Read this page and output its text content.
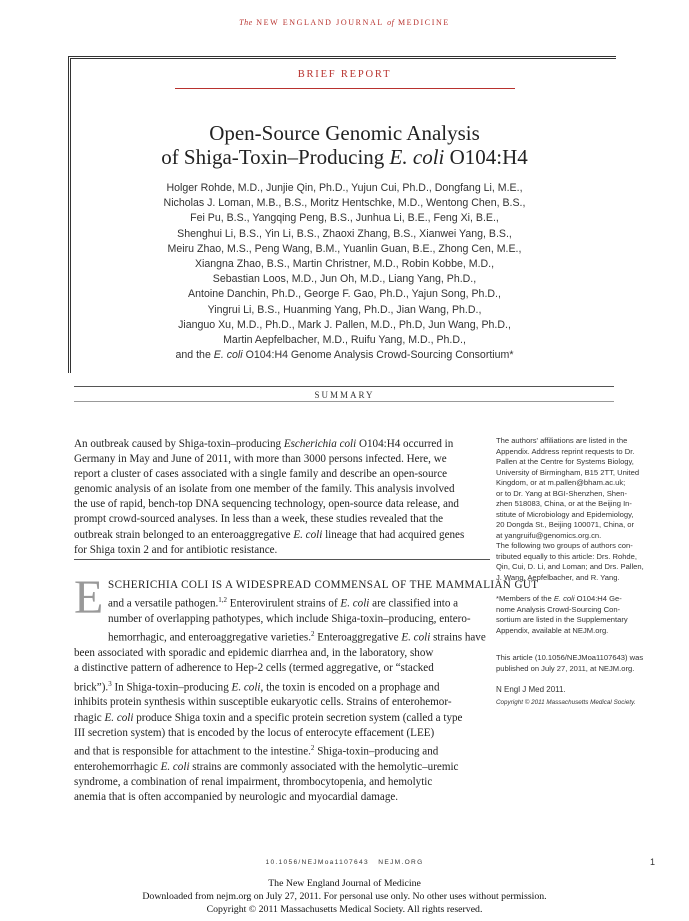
The NEW ENGLAND JOURNAL of MEDICINE
BRIEF REPORT
Open-Source Genomic Analysis
of Shiga-Toxin–Producing E. coli O104:H4
Holger Rohde, M.D., Junjie Qin, Ph.D., Yujun Cui, Ph.D., Dongfang Li, M.E.,
Nicholas J. Loman, M.B., B.S., Moritz Hentschke, M.D., Wentong Chen, B.S.,
Fei Pu, B.S., Yangqing Peng, B.S., Junhua Li, B.E., Feng Xi, B.E.,
Shenghui Li, B.S., Yin Li, B.S., Zhaoxi Zhang, B.S., Xianwei Yang, B.S.,
Meiru Zhao, M.S., Peng Wang, B.M., Yuanlin Guan, B.E., Zhong Cen, M.E.,
Xiangna Zhao, B.S., Martin Christner, M.D., Robin Kobbe, M.D.,
Sebastian Loos, M.D., Jun Oh, M.D., Liang Yang, Ph.D.,
Antoine Danchin, Ph.D., George F. Gao, Ph.D., Yajun Song, Ph.D.,
Yingrui Li, B.S., Huanming Yang, Ph.D., Jian Wang, Ph.D.,
Jianguo Xu, M.D., Ph.D., Mark J. Pallen, M.D., Ph.D, Jun Wang, Ph.D.,
Martin Aepfelbacher, M.D., Ruifu Yang, M.D., Ph.D.,
and the E. coli O104:H4 Genome Analysis Crowd-Sourcing Consortium*
SUMMARY
An outbreak caused by Shiga-toxin–producing Escherichia coli O104:H4 occurred in
Germany in May and June of 2011, with more than 3000 persons infected. Here, we
report a cluster of cases associated with a single family and describe an open-source
genomic analysis of an isolate from one member of the family. This analysis involved
the use of rapid, bench-top DNA sequencing technology, open-source data release, and
prompt crowd-sourced analyses. In less than a week, these studies revealed that the
outbreak strain belonged to an enteroaggregative E. coli lineage that had acquired genes
for Shiga toxin 2 and for antibiotic resistance.
The authors' affiliations are listed in the
Appendix. Address reprint requests to Dr.
Pallen at the Centre for Systems Biology,
University of Birmingham, B15 2TT, United
Kingdom, or at m.pallen@bham.ac.uk;
or to Dr. Yang at BGI-Shenzhen, Shen-
zhen 518083, China, or at the Beijing In-
stitute of Microbiology and Epidemiology,
20 Dongda St., Beijing 100071, China, or
at yangruifu@genomics.org.cn.
The following two groups of authors con-
tributed equally to this article: Drs. Rohde,
Qin, Cui, D. Li, and Loman; and Drs. Pallen,
J. Wang, Aepfelbacher, and R. Yang.
*Members of the E. coli O104:H4 Ge-
nome Analysis Crowd-Sourcing Con-
sortium are listed in the Supplementary
Appendix, available at NEJM.org.
This article (10.1056/NEJMoa1107643) was
published on July 27, 2011, at NEJM.org.
N Engl J Med 2011.
Copyright © 2011 Massachusetts Medical Society.
E SCHERICHIA COLI IS A WIDESPREAD COMMENSAL OF THE MAMMALIAN GUT
and a versatile pathogen.$^{1,2}$ Enterovirulent strains of E. coli are classified into a
number of overlapping pathotypes, which include Shiga-toxin–producing, entero-
hemorrhagic, and enteroaggregative varieties.$^2$ Enteroaggregative E. coli strains have
been associated with sporadic and epidemic diarrhea and, in the laboratory, show
a distinctive pattern of adherence to Hep-2 cells (termed aggregative, or “stacked
brick”).$^3$ In Shiga-toxin–producing E. coli, the toxin is encoded on a prophage and
inhibits protein synthesis within susceptible eukaryotic cells. Strains of enterohemor-
rhagic E. coli produce Shiga toxin and a specific protein secretion system (called a type
III secretion system) that is encoded by the locus of enterocyte effacement (LEE)
and that is responsible for attachment to the intestine.$^2$ Shiga-toxin–producing and
enterohemorrhagic E. coli strains are commonly associated with the hemolytic–uremic
syndrome, a combination of renal impairment, thrombocytopenia, and hemolytic
anemia that is often accompanied by neurologic and myocardial damage.
10.1056/NEJMoa1107643   NEJM.ORG	1
The New England Journal of Medicine
Downloaded from nejm.org on July 27, 2011. For personal use only. No other uses without permission.
Copyright © 2011 Massachusetts Medical Society. All rights reserved.
